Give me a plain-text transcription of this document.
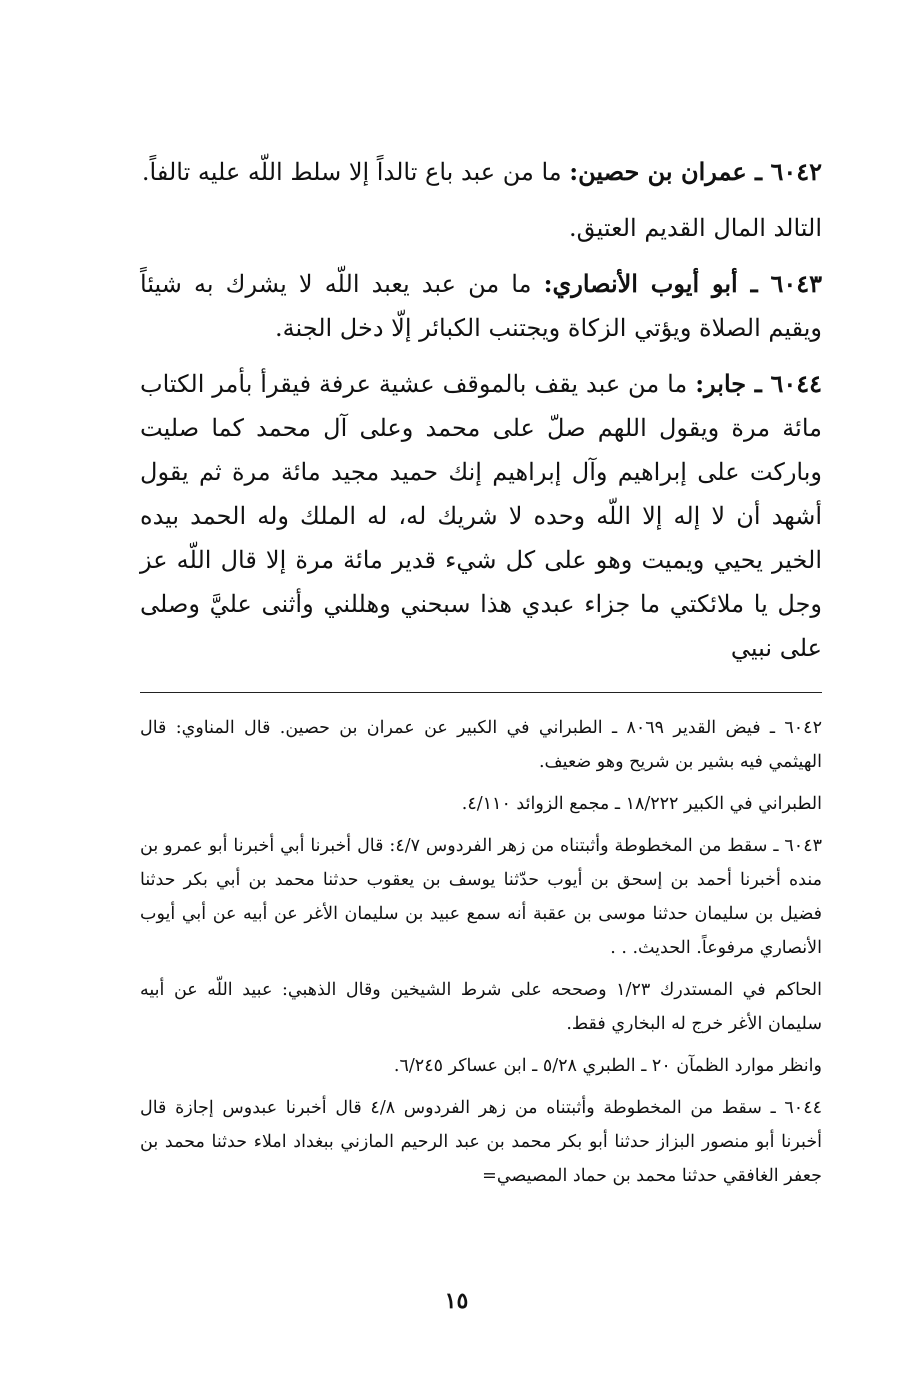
٦٠٤٢ ـ عمران بن حصين: ما من عبد باع تالداً إلا سلط اللّه عليه تالفاً.

التالد المال القديم العتيق.

٦٠٤٣ ـ أبو أيوب الأنصاري: ما من عبد يعبد اللّه لا يشرك به شيئاً ويقيم الصلاة ويؤتي الزكاة ويجتنب الكبائر إلّا دخل الجنة.

٦٠٤٤ ـ جابر: ما من عبد يقف بالموقف عشية عرفة فيقرأ بأمر الكتاب مائة مرة ويقول اللهم صلّ على محمد وعلى آل محمد كما صليت وباركت على إبراهيم وآل إبراهيم إنك حميد مجيد مائة مرة ثم يقول أشهد أن لا إله إلا اللّه وحده لا شريك له، له الملك وله الحمد بيده الخير يحيي ويميت وهو على كل شيء قدير مائة مرة إلا قال اللّه عز وجل يا ملائكتي ما جزاء عبدي هذا سبحني وهللني وأثنى عليَّ وصلى على نبيي

٦٠٤٢ ـ فيض القدير ٨٠٦٩ ـ الطبراني في الكبير عن عمران بن حصين. قال المناوي: قال الهيثمي فيه بشير بن شريح وهو ضعيف.

الطبراني في الكبير ١٨/٢٢٢ ـ مجمع الزوائد ٤/١١٠.

٦٠٤٣ ـ سقط من المخطوطة وأثبتناه من زهر الفردوس ٤/٧: قال أخبرنا أبي أخبرنا أبو عمرو بن منده أخبرنا أحمد بن إسحق بن أيوب حدّثنا يوسف بن يعقوب حدثنا محمد بن أبي بكر حدثنا فضيل بن سليمان حدثنا موسى بن عقبة أنه سمع عبيد بن سليمان الأغر عن أبيه عن أبي أيوب الأنصاري مرفوعاً. الحديث. . .

الحاكم في المستدرك ١/٢٣ وصححه على شرط الشيخين وقال الذهبي: عبيد اللّه عن أبيه سليمان الأغر خرج له البخاري فقط.

وانظر موارد الظمآن ٢٠ ـ الطبري ٥/٢٨ ـ ابن عساكر ٦/٢٤٥.

٦٠٤٤ ـ سقط من المخطوطة وأثبتناه من زهر الفردوس ٤/٨ قال أخبرنا عبدوس إجازة قال أخبرنا أبو منصور البزاز حدثنا أبو بكر محمد بن عبد الرحيم المازني ببغداد املاء حدثنا محمد بن جعفر الغافقي حدثنا محمد بن حماد المصيصي=

١٥
